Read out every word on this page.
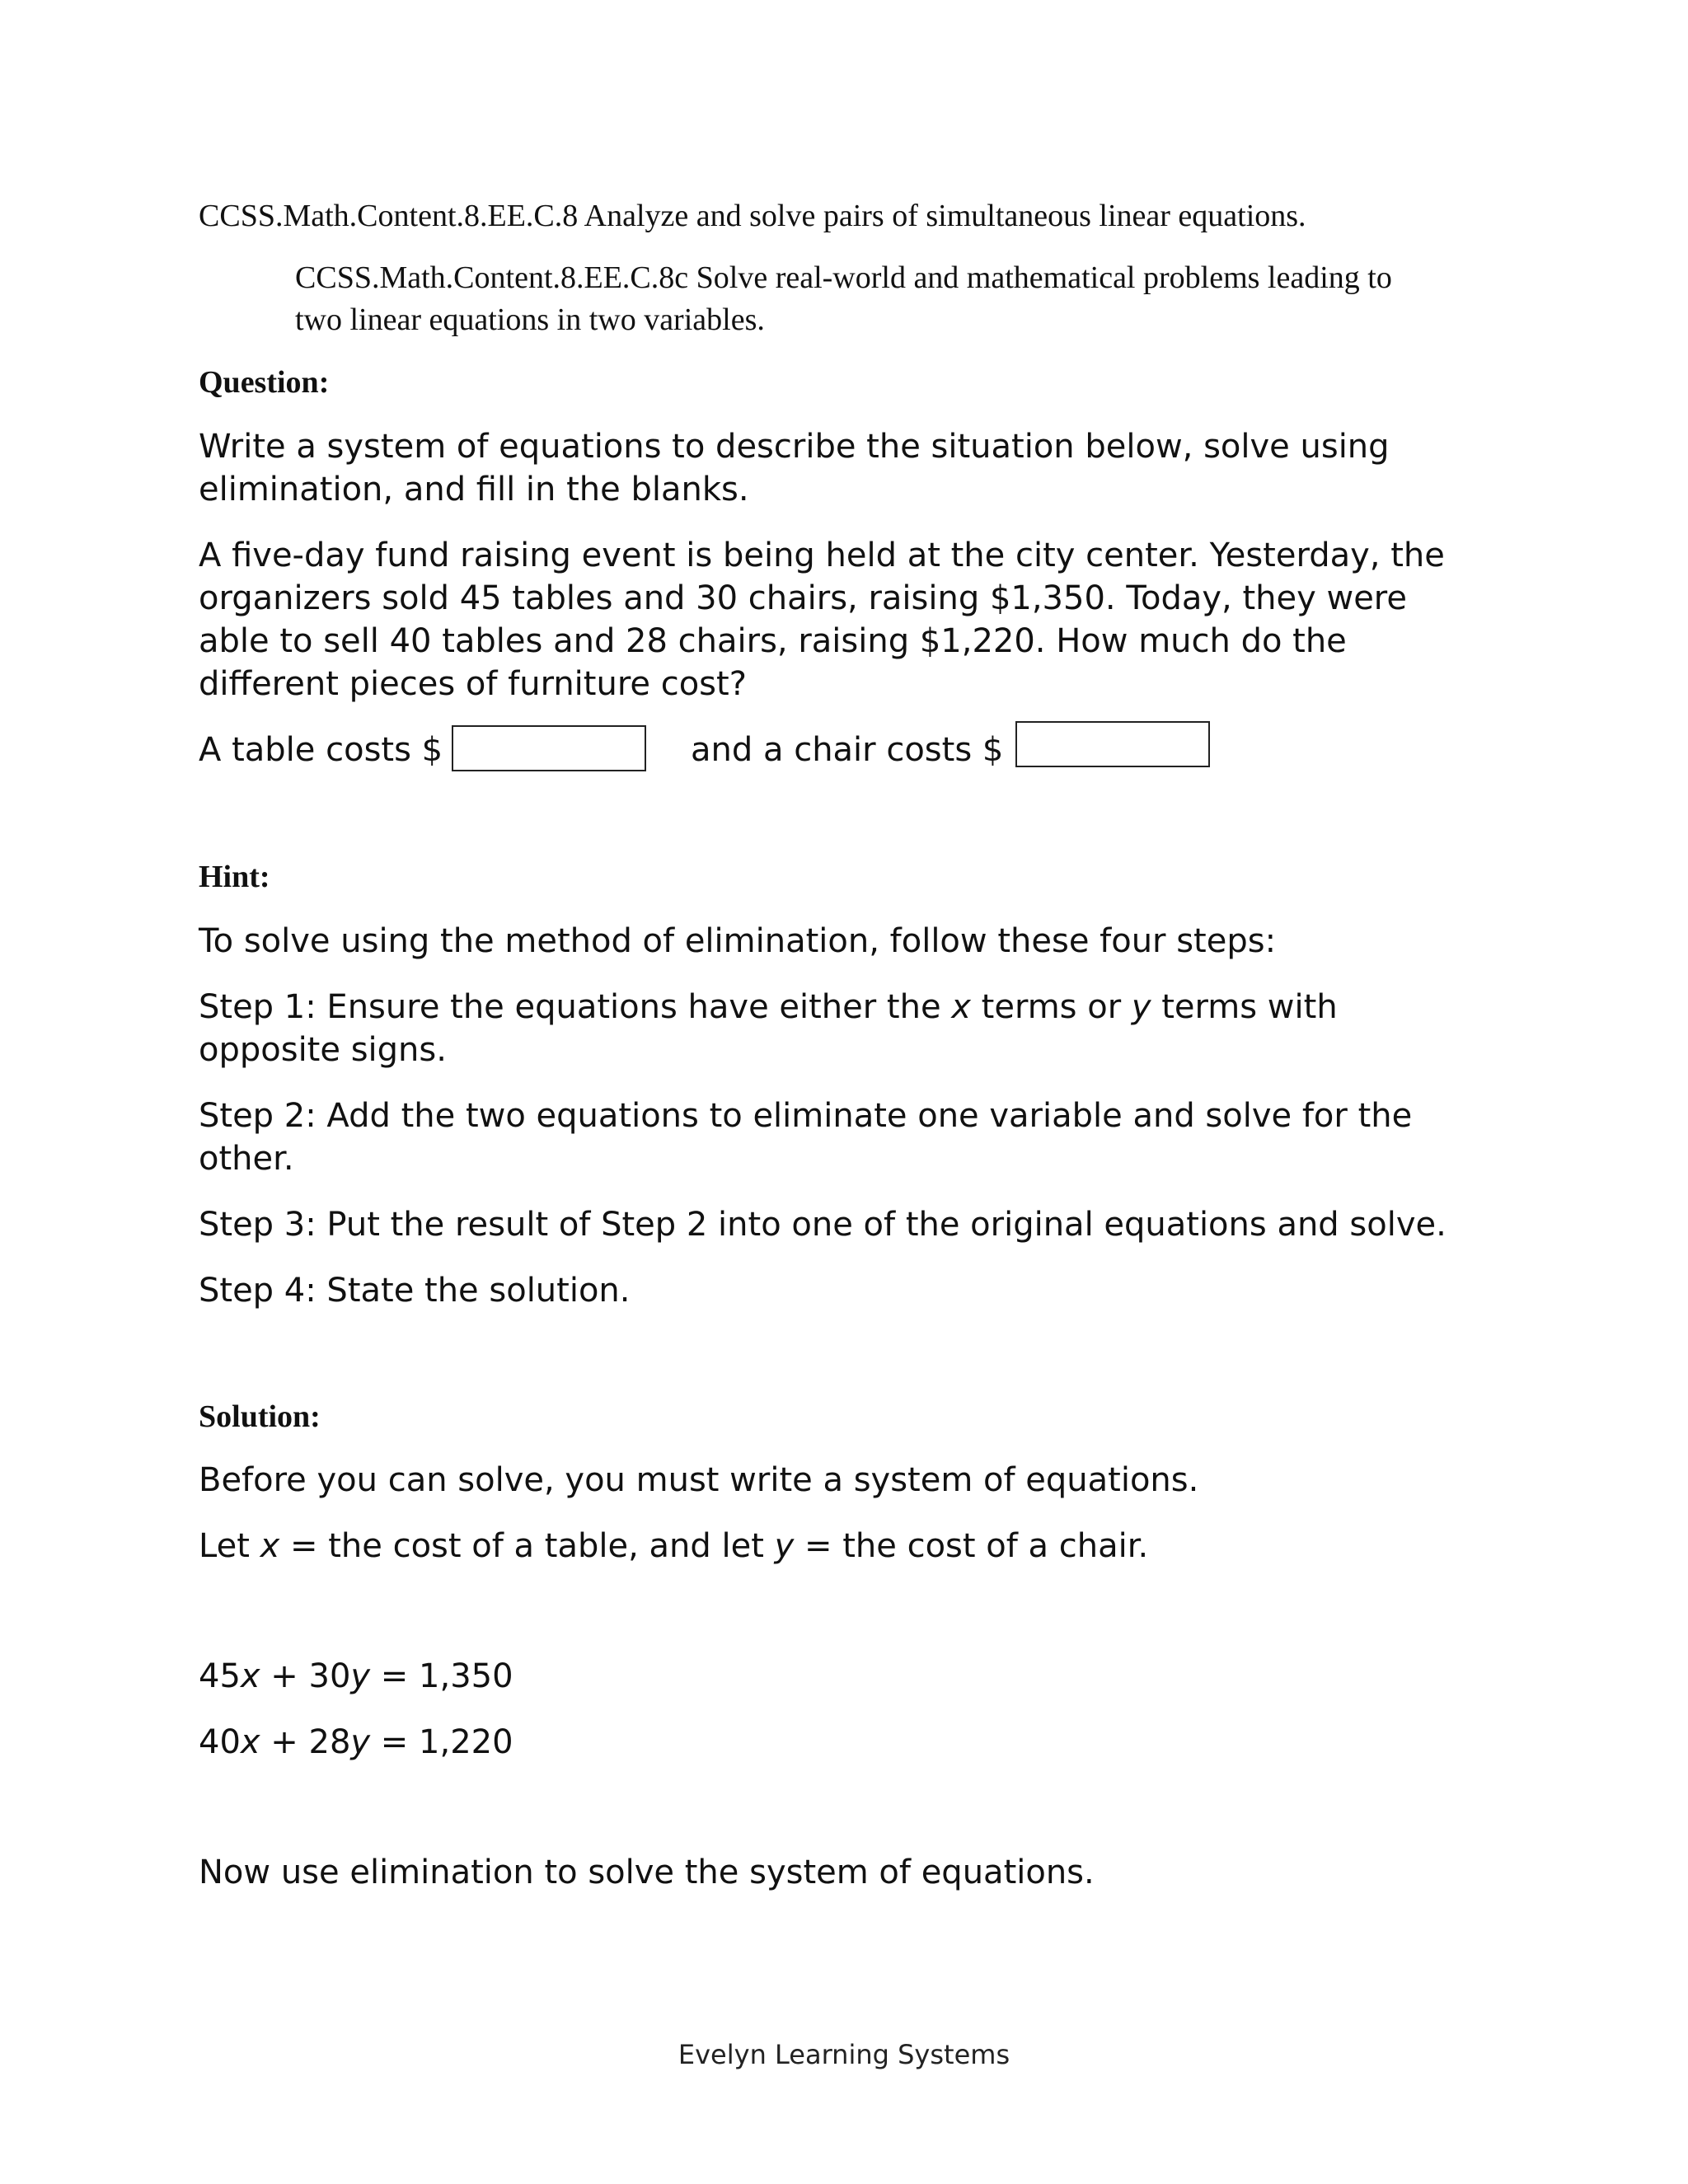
CCSS.Math.Content.8.EE.C.8 Analyze and solve pairs of simultaneous linear equations.

CCSS.Math.Content.8.EE.C.8c Solve real-world and mathematical problems leading to

two linear equations in two variables.

Question:

Write a system of equations to describe the situation below, solve using

elimination, and fill in the blanks.

A five-day fund raising event is being held at the city center. Yesterday, the

organizers sold 45 tables and 30 chairs, raising $1,350. Today, they were

able to sell 40 tables and 28 chairs, raising $1,220. How much do the

different pieces of furniture cost?

A table costs $	and a chair costs $

Hint:

To solve using the method of elimination, follow these four steps:

Step 1: Ensure the equations have either the x terms or y terms with

opposite signs.

Step 2: Add the two equations to eliminate one variable and solve for the

other.

Step 3: Put the result of Step 2 into one of the original equations and solve.

Step 4: State the solution.

Solution:

Before you can solve, you must write a system of equations.

Let x = the cost of a table, and let y = the cost of a chair.

45x + 30y = 1,350

40x + 28y = 1,220

Now use elimination to solve the system of equations.

Evelyn Learning Systems
